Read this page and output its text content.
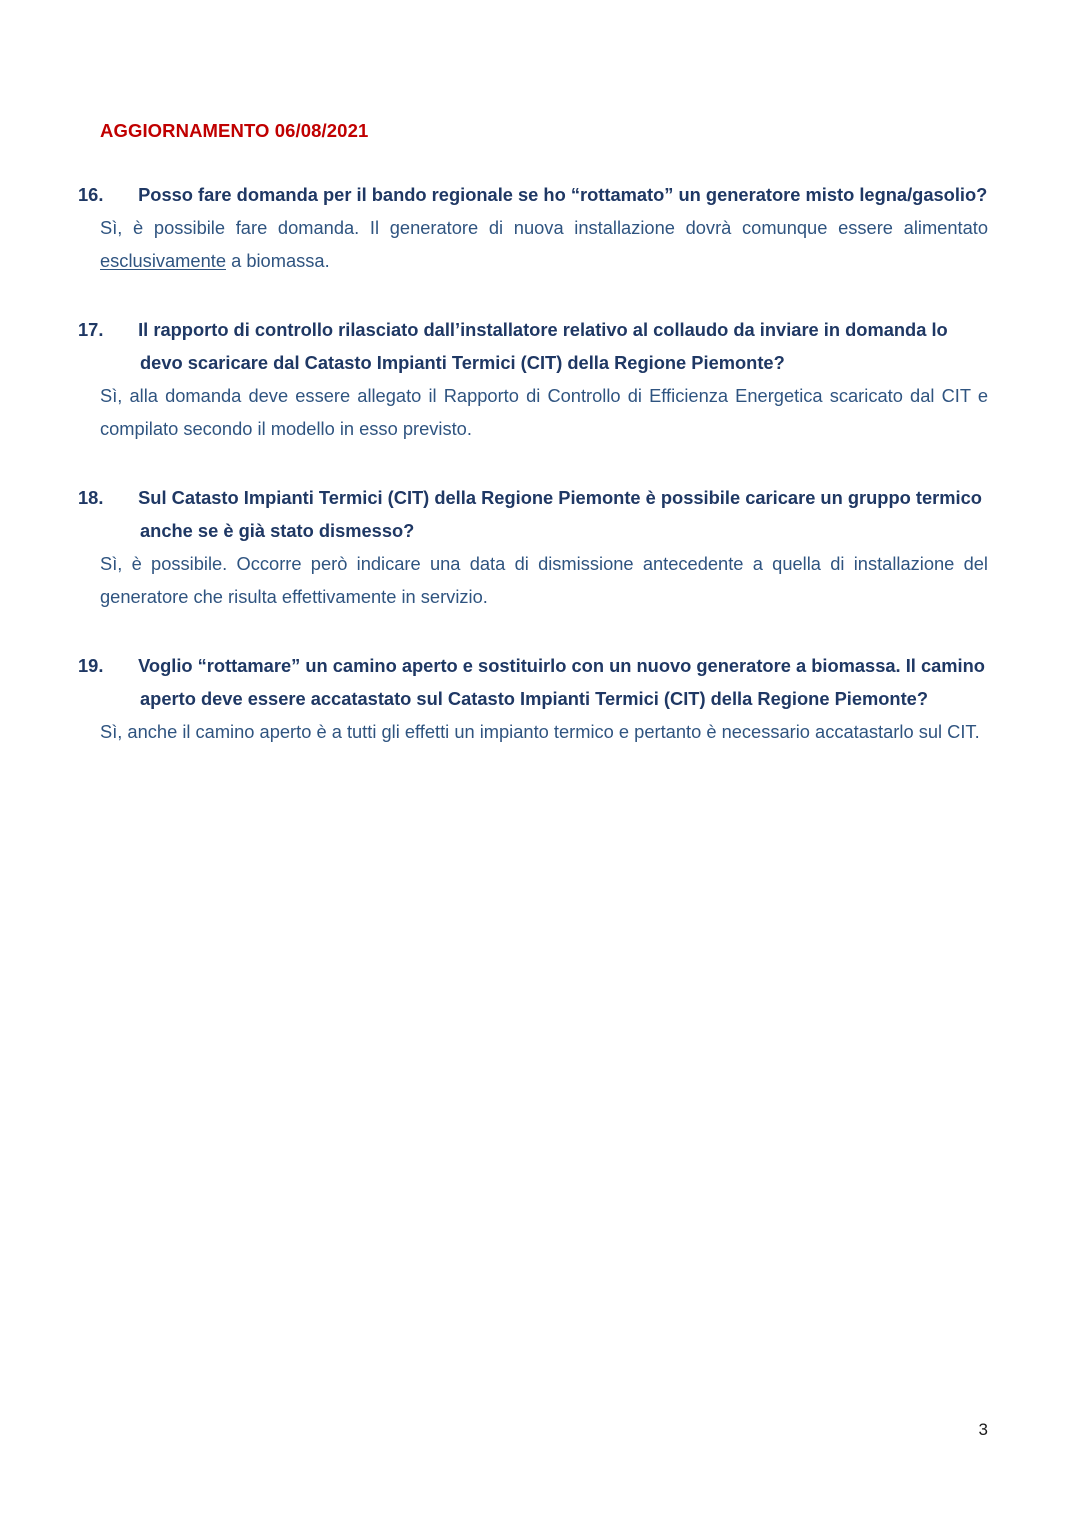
AGGIORNAMENTO 06/08/2021

16. Posso fare domanda per il bando regionale se ho “rottamato” un generatore misto legna/gasolio?

Sì, è possibile fare domanda. Il generatore di nuova installazione dovrà comunque essere alimentato esclusivamente a biomassa.

17. Il rapporto di controllo rilasciato dall’installatore relativo al collaudo da inviare in domanda lo devo scaricare dal Catasto Impianti Termici (CIT) della Regione Piemonte?

Sì, alla domanda deve essere allegato il Rapporto di Controllo di Efficienza Energetica scaricato dal CIT e compilato secondo il modello in esso previsto.

18. Sul Catasto Impianti Termici (CIT) della Regione Piemonte è possibile caricare un gruppo termico anche se è già stato dismesso?

Sì, è possibile. Occorre però indicare una data di dismissione antecedente a quella di installazione del generatore che risulta effettivamente in servizio.

19. Voglio “rottamare” un camino aperto e sostituirlo con un nuovo generatore a biomassa. Il camino aperto deve essere accatastato sul Catasto Impianti Termici (CIT) della Regione Piemonte?

Sì, anche il camino aperto è a tutti gli effetti un impianto termico e pertanto è necessario accatastarlo sul CIT.

3
